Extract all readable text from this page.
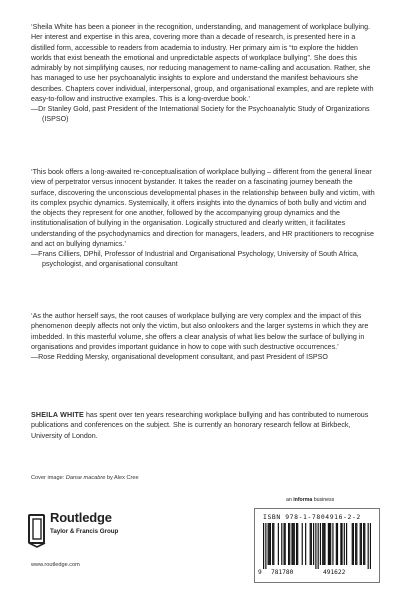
‘Sheila White has been a pioneer in the recognition, understanding, and management of workplace bullying. Her interest and expertise in this area, covering more than a decade of research, is presented here in a distilled form, accessible to readers from academia to industry. Her primary aim is “to explore the hidden worlds that exist beneath the emotional and unpredictable aspects of workplace bullying”. She does this admirably by not simplifying causes, nor reducing management to name-calling and accusation. Rather, she has managed to use her psychoanalytic insights to explore and understand the manifest behaviours she describes. Chapters cover individual, interpersonal, group, and organisational examples, and are replete with easy-to-follow and instructive examples. This is a long-overdue book.’

—Dr Stanley Gold, past President of the International Society for the Psychoanalytic Study of Organizations (ISPSO)

‘This book offers a long-awaited re-conceptualisation of workplace bullying – different from the general linear view of perpetrator versus innocent bystander. It takes the reader on a fascinating journey beneath the surface, discovering the unconscious developmental phases in the relationship between bully and victim, with its complex psychic dynamics. Systemically, it offers insights into the dynamics of both bully and victim and the objects they represent for one another, followed by the accompanying group dynamics and the institutionalisation of bullying in the organisation. Logically structured and clearly written, it facilitates understanding of the psychodynamics and direction for managers, leaders, and HR practitioners to recognise and act on bullying dynamics.’

—Frans Cilliers, DPhil, Professor of Industrial and Organisational Psychology, University of South Africa, psychologist, and organisational consultant

‘As the author herself says, the root causes of workplace bullying are very complex and the impact of this phenomenon deeply affects not only the victim, but also onlookers and the larger systems in which they are imbedded. In this masterful volume, she offers a clear analysis of what lies below the surface of bullying in organisations and provides important guidance in how to cope with such destructive occurrences.’

—Rose Redding Mersky, organisational development consultant, and past President of ISPSO

SHEILA WHITE has spent over ten years researching workplace bullying and has contributed to numerous publications and conferences on the subject. She is currently an honorary research fellow at Birkbeck, University of London.

Cover image: Danse macabre by Alex Cree
an informa business
Routledge
Taylor & Francis Group
www.routledge.com
ISBN 978-1-7804916-2-2
9 781780	491622
